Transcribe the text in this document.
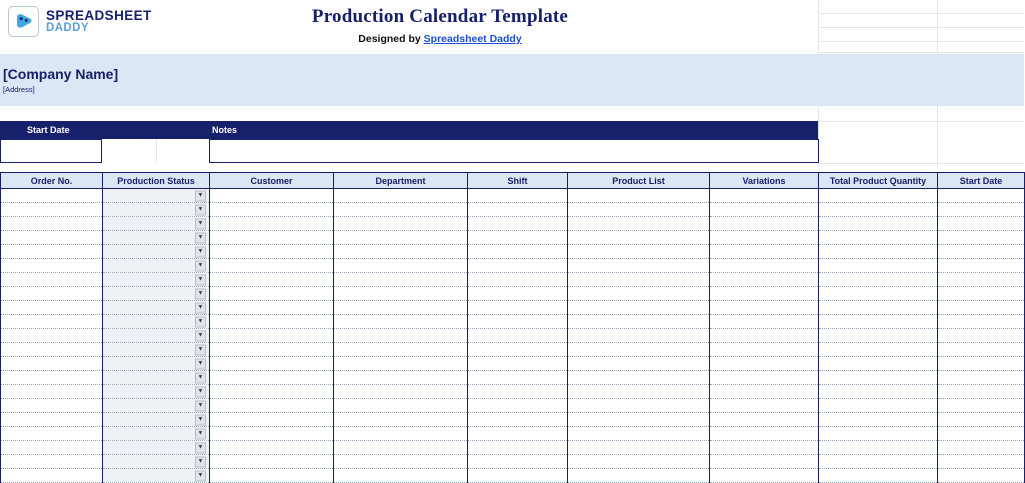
SPREADSHEET
DADDY
Production Calendar Template
Designed by Spreadsheet Daddy
[Company Name]
[Address]
Start Date	Notes
Order No.	Production Status	Customer	Department	Shift	Product List	Variations	Total Product Quantity	Start Date

▼							

▼							

▼							

▼							

▼							

▼							

▼							

▼							

▼							

▼							

▼							

▼							

▼							

▼							

▼							

▼							

▼							

▼							

▼							

▼							

▼							
